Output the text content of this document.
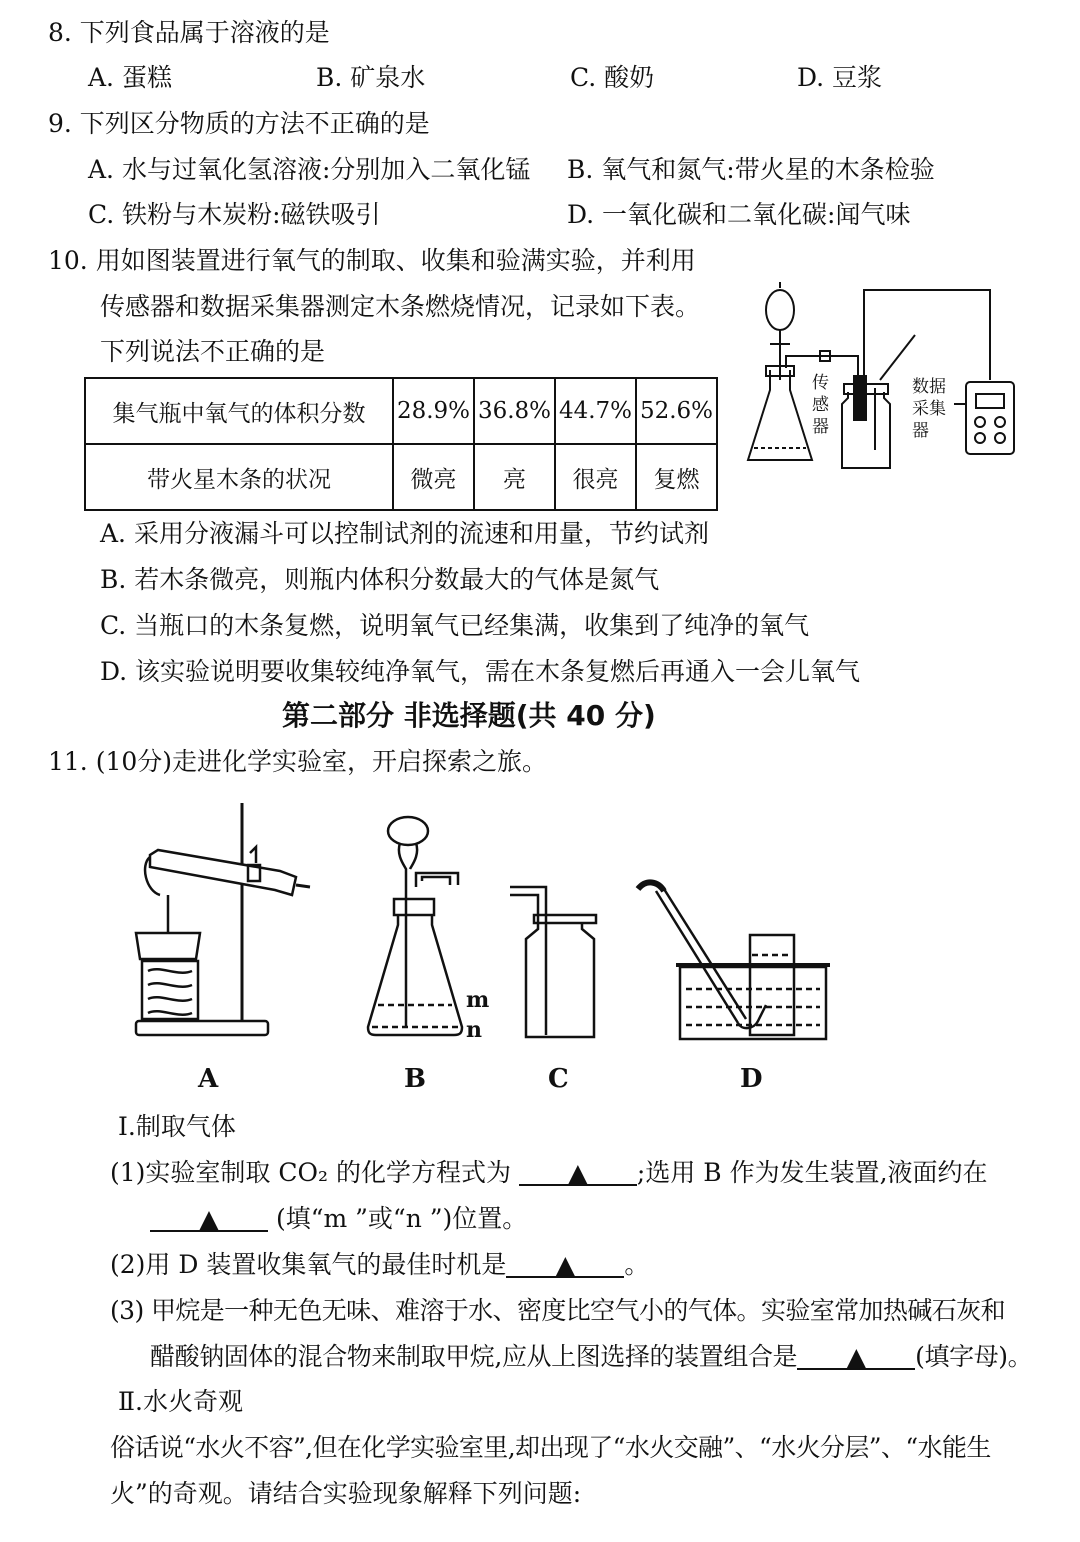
8. 下列食品属于溶液的是
A. 蛋糕	B. 矿泉水	C. 酸奶	D. 豆浆
9. 下列区分物质的方法不正确的是
A. 水与过氧化氢溶液:分别加入二氧化锰 B. 氧气和氮气:带火星的木条检验
C. 铁粉与木炭粉:磁铁吸引	D. 一氧化碳和二氧化碳:闻气味
10. 用如图装置进行氧气的制取、收集和验满实验，并利用
传感器和数据采集器测定木条燃烧情况，记录如下表。
下列说法不正确的是
集气瓶中氧气的体积分数	28.9%	36.8%	44.7%	52.6%
带火星木条的状况	微亮	亮	很亮	复燃
传
感
器
数据
采集
器
A. 采用分液漏斗可以控制试剂的流速和用量，节约试剂
B. 若木条微亮，则瓶内体积分数最大的气体是氮气
C. 当瓶口的木条复燃，说明氧气已经集满，收集到了纯净的氧气
D. 该实验说明要收集较纯净氧气，需在木条复燃后再通入一会儿氧气
第二部分 非选择题(共 40 分)
11. (10分)走进化学实验室，开启探索之旅。
m
n
A	B	C	D
Ⅰ.制取气体
(1)实验室制取 CO₂ 的化学方程式为 ▲ ;选用 B 作为发生装置,液面约在
▲ (填“m ”或“n ”)位置。
(2)用 D 装置收集氧气的最佳时机是 ▲ 。
(3) 甲烷是一种无色无味、难溶于水、密度比空气小的气体。实验室常加热碱石灰和
醋酸钠固体的混合物来制取甲烷,应从上图选择的装置组合是 ▲ (填字母)。
Ⅱ.水火奇观
俗话说“水火不容”,但在化学实验室里,却出现了“水火交融”、“水火分层”、“水能生
火”的奇观。请结合实验现象解释下列问题:
